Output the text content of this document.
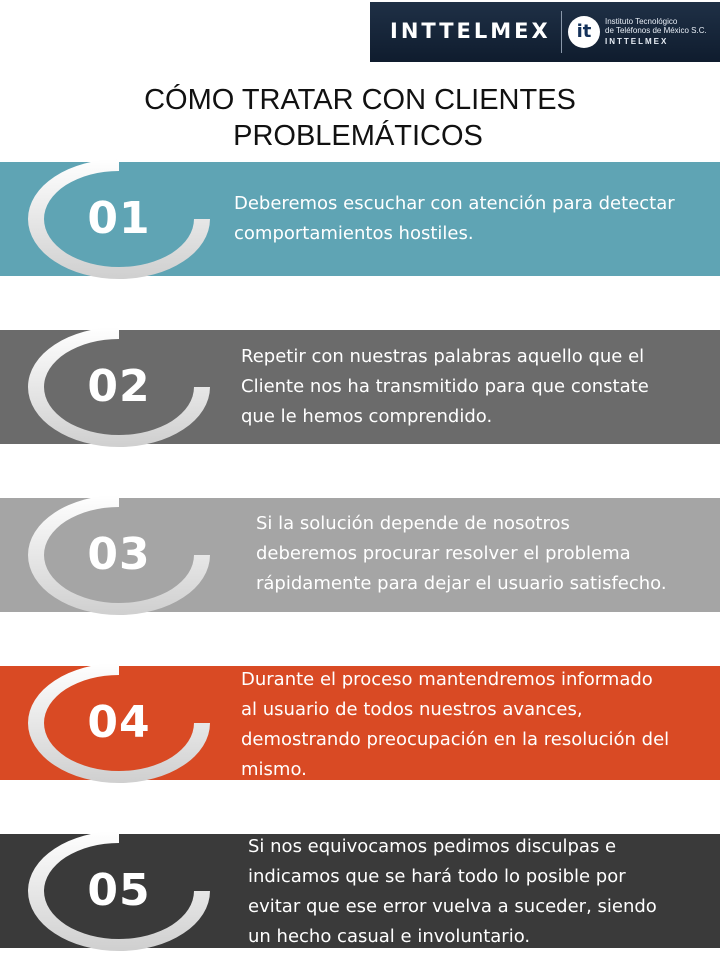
INTTELMEX	it	Instituto Tecnológico
de Teléfonos de México S.C.
INTTELMEX
CÓMO TRATAR CON CLIENTES
PROBLEMÁTICOS
01
02
03
04
05

Deberemos escuchar con atención para detectar
comportamientos hostiles.

Repetir con nuestras palabras aquello que el
Cliente nos ha transmitido para que constate
que le hemos comprendido.

Si la solución depende de nosotros
deberemos procurar resolver el problema
rápidamente para dejar el usuario satisfecho.

Durante el proceso mantendremos informado
al usuario de todos nuestros avances,
demostrando preocupación en la resolución del
mismo.

Si nos equivocamos pedimos disculpas e
indicamos que se hará todo lo posible por
evitar que ese error vuelva a suceder, siendo
un hecho casual e involuntario.
